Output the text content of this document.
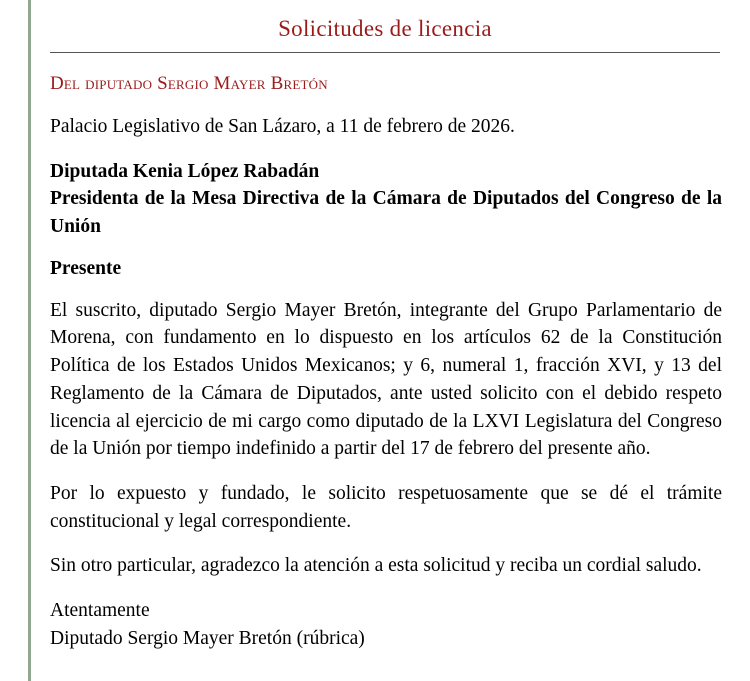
Solicitudes de licencia
Del diputado Sergio Mayer Bretón

Palacio Legislativo de San Lázaro, a 11 de febrero de 2026.

Diputada Kenia López Rabadán

Presidenta de la Mesa Directiva de la Cámara de Diputados del Congreso de la Unión

Presente

El suscrito, diputado Sergio Mayer Bretón, integrante del Grupo Parlamentario de Morena, con fundamento en lo dispuesto en los artículos 62 de la Constitución Política de los Estados Unidos Mexicanos; y 6, numeral 1, fracción XVI, y 13 del Reglamento de la Cámara de Diputados, ante usted solicito con el debido respeto licencia al ejercicio de mi cargo como diputado de la LXVI Legislatura del Congreso de la Unión por tiempo indefinido a partir del 17 de febrero del presente año.

Por lo expuesto y fundado, le solicito respetuosamente que se dé el trámite constitucional y legal correspondiente.

Sin otro particular, agradezco la atención a esta solicitud y reciba un cordial saludo.

Atentamente

Diputado Sergio Mayer Bretón (rúbrica)
